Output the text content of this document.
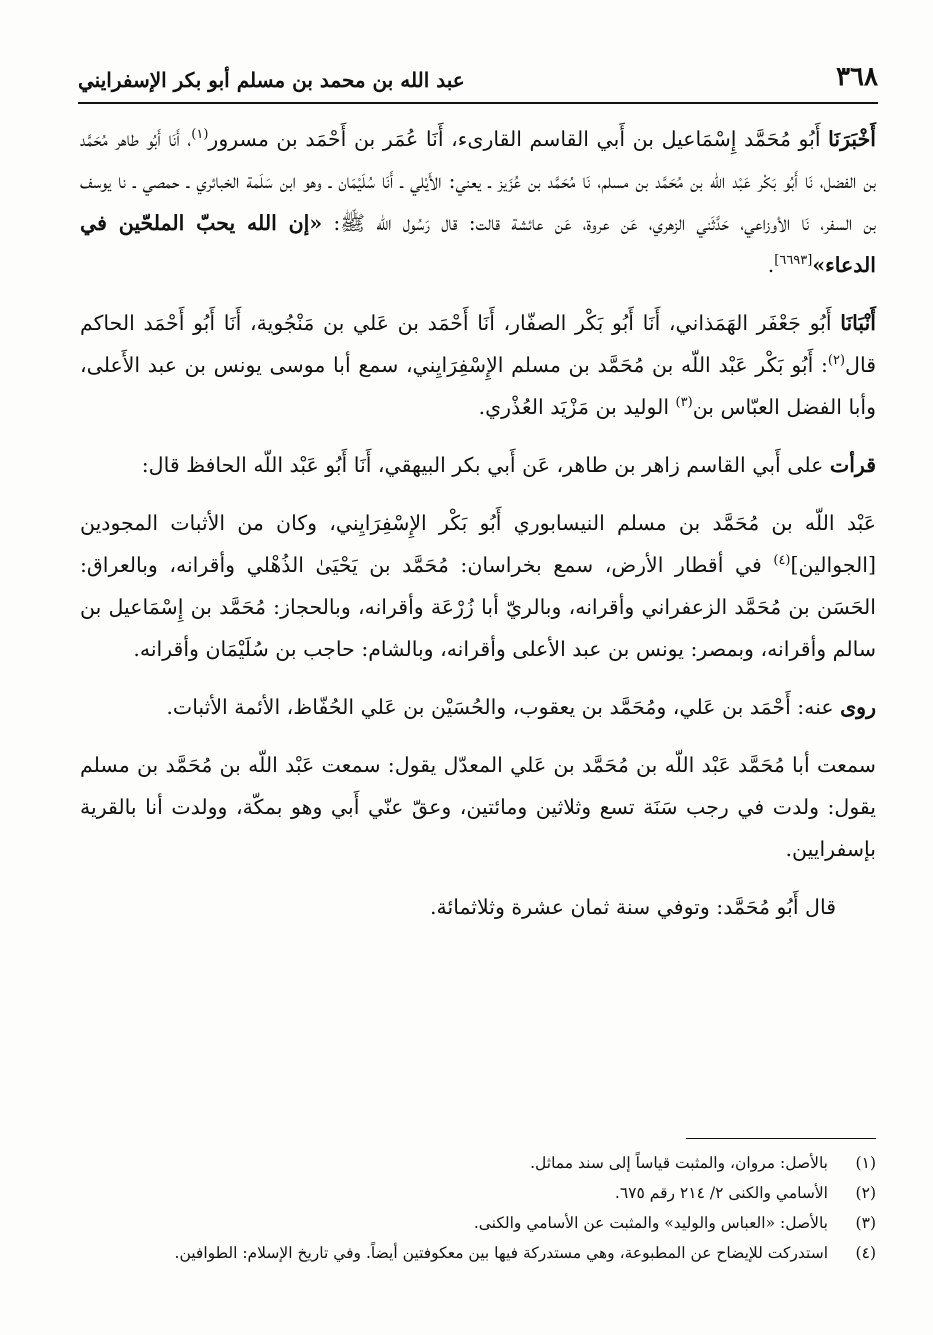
٣٦٨
عبد الله بن محمد بن مسلم أبو بكر الإسفرايني

أَخْبَرَنَا أَبُو مُحَمَّد إِسْمَاعيل بن أَبي القاسم القارىء، أَنَا عُمَر بن أَحْمَد بن مسرور$^{(١)}$، أَنَا أَبُو طاهر مُحَمَّد بن الفضل، نَا أَبُو بَكْر عَبْد اللّه بن مُحَمَّد بن مسلم، نَا مُحَمَّد بن عُزَيز ـ يعني: الأَيْلي ـ أَنَا سُلَيْمَان ـ وهو ابن سَلَمة الخبائري ـ حمصي ـ نا يوسف بن السفر، نَا الأوزاعي، حَدَّثَني الزهري، عَن عروة، عَن عائشة قالت: قال رَسُول الله ﷺ: «إن الله يحبّ الملحّين في الدعاء»[٦٦٩٣].

أَنْبَانَا أَبُو جَعْفَر الهَمَذاني، أَنَا أَبُو بَكْر الصفّار، أَنَا أَحْمَد بن عَلي بن مَنْجُوية، أَنَا أَبُو أَحْمَد الحاكم قال$^{(٢)}$: أَبُو بَكْر عَبْد اللّه بن مُحَمَّد بن مسلم الإِسْفِرَايِني، سمع أبا موسى يونس بن عبد الأَعلى، وأبا الفضل العبّاس بن$^{(٣)}$ الوليد بن مَزْيَد العُذْري.

قرأت على أَبي القاسم زاهر بن طاهر، عَن أَبي بكر البيهقي، أَنَا أَبُو عَبْد اللّه الحافظ قال:

عَبْد اللّه بن مُحَمَّد بن مسلم النيسابوري أَبُو بَكْر الإِسْفِرَايِني، وكان من الأثبات المجودين [الجوالين]$^{(٤)}$ في أقطار الأرض، سمع بخراسان: مُحَمَّد بن يَحْيَىٰ الذُهْلي وأقرانه، وبالعراق: الحَسَن بن مُحَمَّد الزعفراني وأقرانه، وبالريّ أبا زُرْعَة وأقرانه، وبالحجاز: مُحَمَّد بن إِسْمَاعيل بن سالم وأقرانه، وبمصر: يونس بن عبد الأعلى وأقرانه، وبالشام: حاجب بن سُلَيْمَان وأقرانه.

روى عنه: أَحْمَد بن عَلي، ومُحَمَّد بن يعقوب، والحُسَيْن بن عَلي الحُفّاظ، الأئمة الأثبات.

سمعت أبا مُحَمَّد عَبْد اللّه بن مُحَمَّد بن عَلي المعدّل يقول: سمعت عَبْد اللّه بن مُحَمَّد بن مسلم يقول: ولدت في رجب سَنَة تسع وثلاثين ومائتين، وعقّ عنّي أَبي وهو بمكّة، وولدت أنا بالقرية بإسفرايين.

قال أَبُو مُحَمَّد: وتوفي سنة ثمان عشرة وثلاثمائة.

(١)
بالأصل: مروان، والمثبت قياساً إلى سند مماثل.
(٢)
الأسامي والكنى ٢/ ٢١٤ رقم ٦٧٥.
(٣)
بالأصل: «العباس والوليد» والمثبت عن الأسامي والكنى.
(٤)
استدركت للإيضاح عن المطبوعة، وهي مستدركة فيها بين معكوفتين أيضاً. وفي تاريخ الإسلام: الطوافين.
